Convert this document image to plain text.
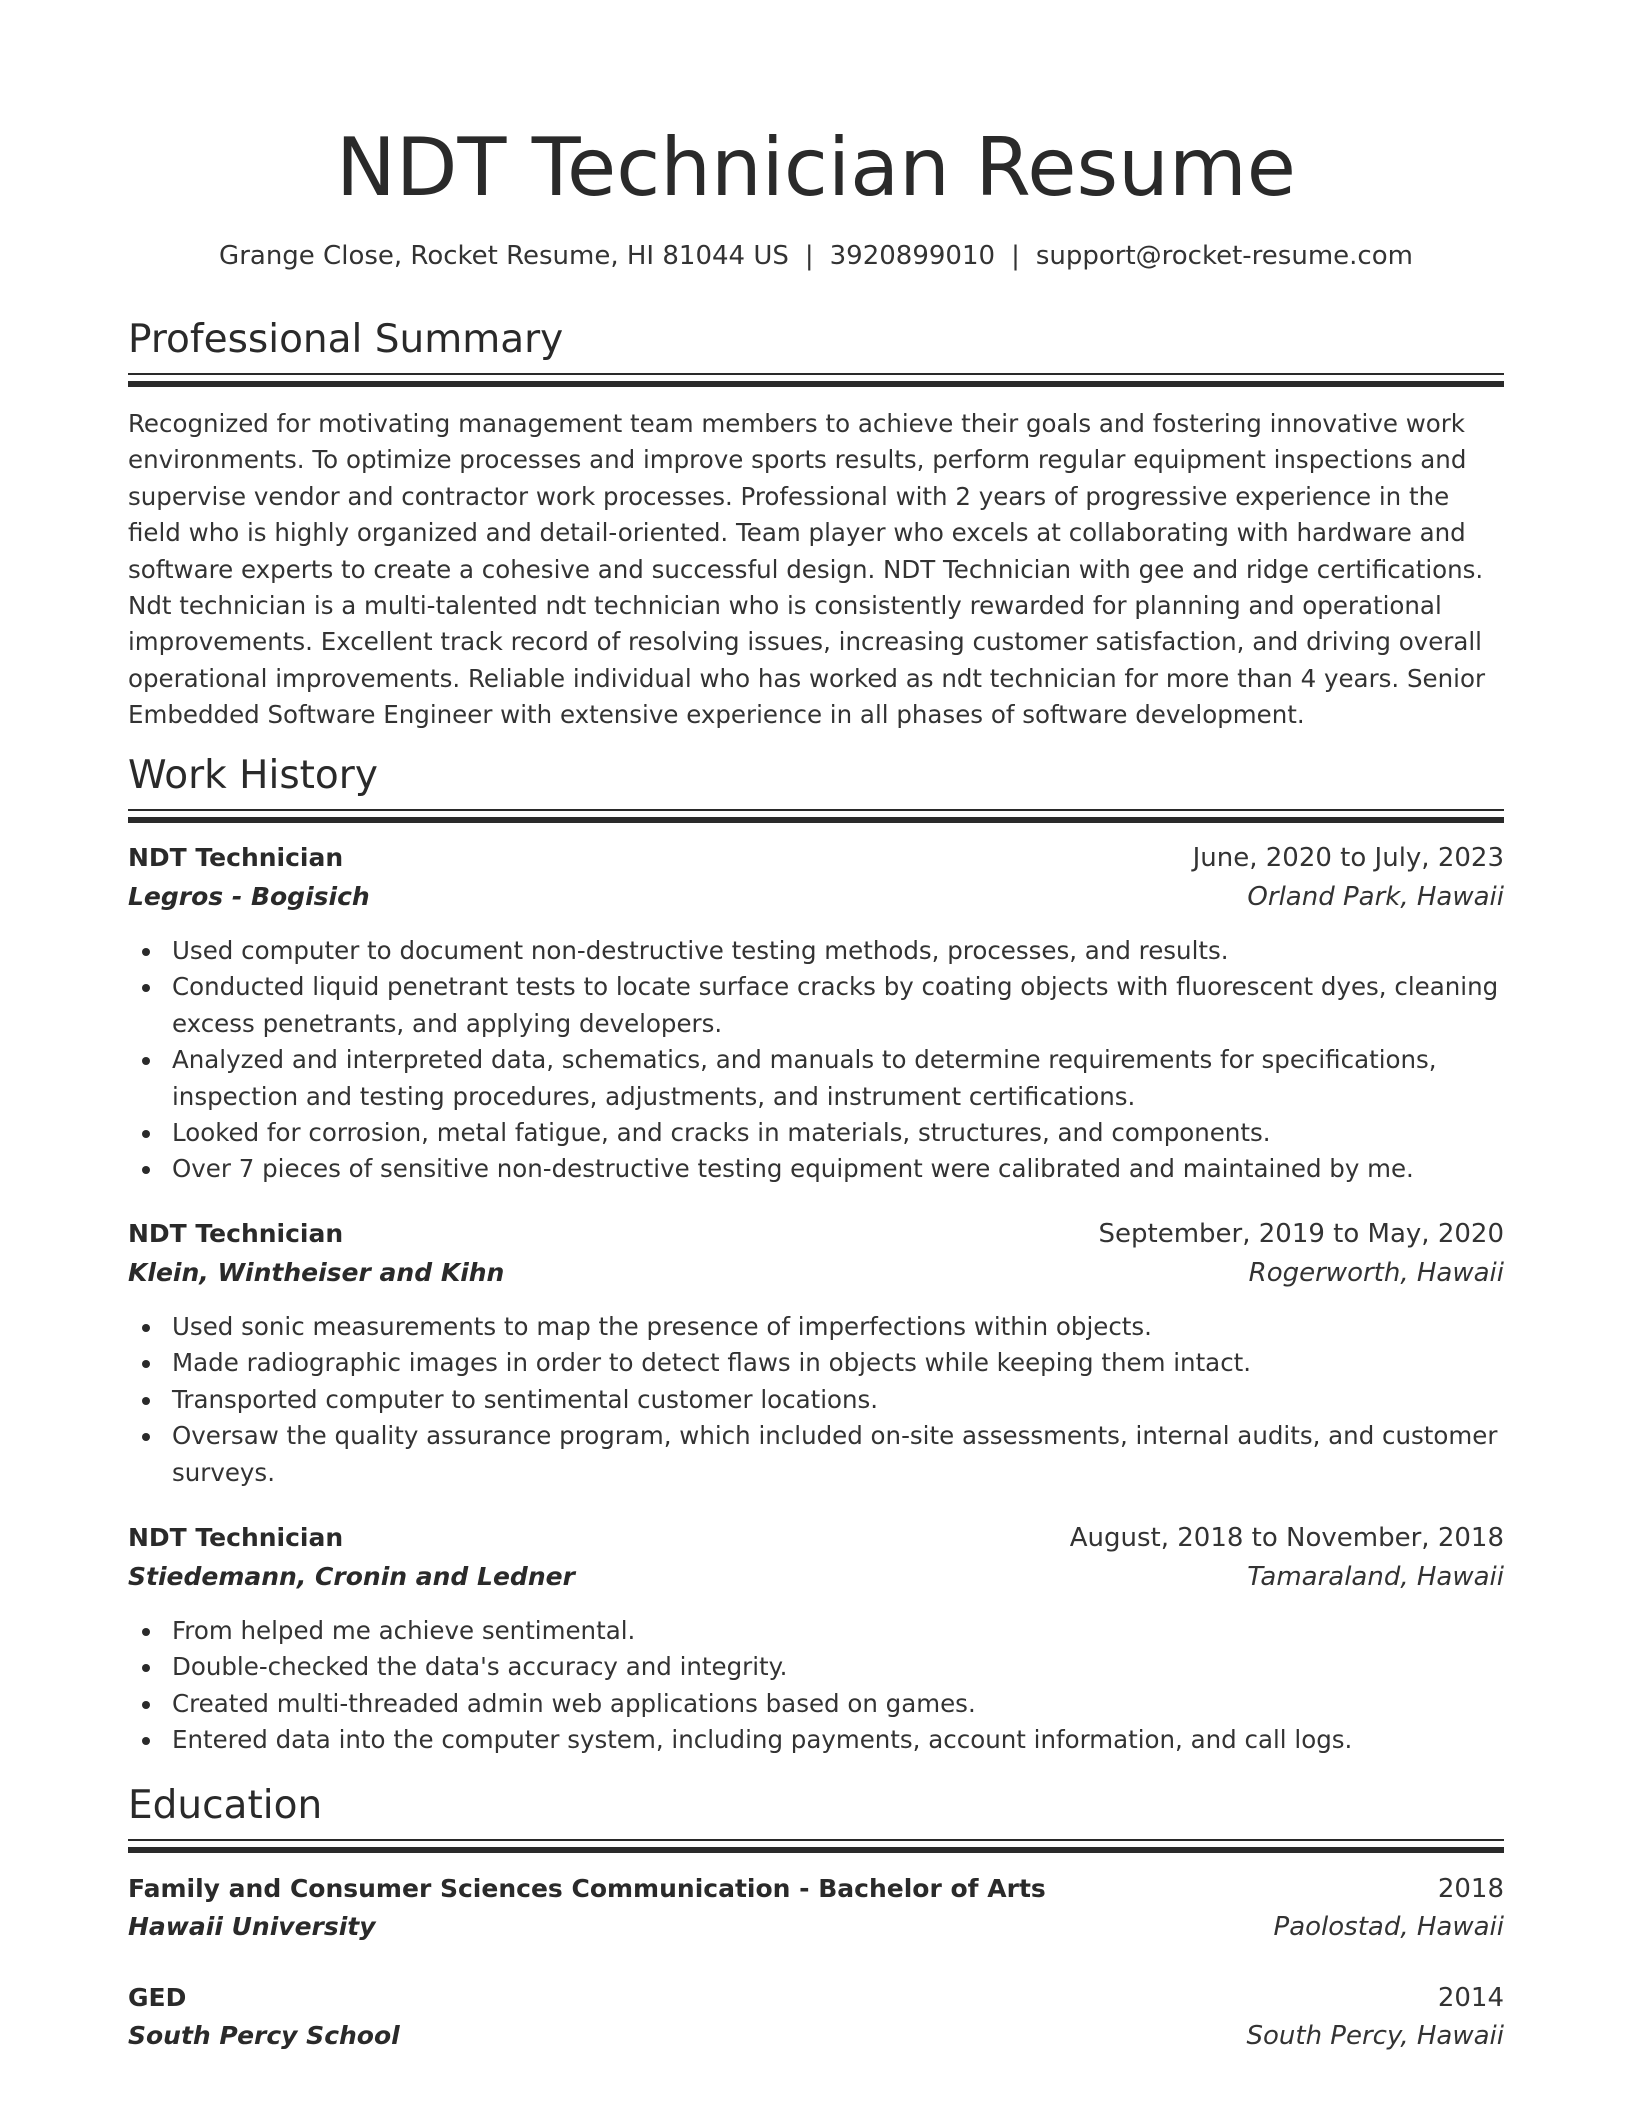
NDT Technician Resume
Grange Close, Rocket Resume, HI 81044 US | 3920899010 | support@rocket-resume.com
Professional Summary
Recognized for motivating management team members to achieve their goals and fostering innovative work environments. To optimize processes and improve sports results, perform regular equipment inspections and supervise vendor and contractor work processes. Professional with 2 years of progressive experience in the field who is highly organized and detail-oriented. Team player who excels at collaborating with hardware and software experts to create a cohesive and successful design. NDT Technician with gee and ridge certifications. Ndt technician is a multi-talented ndt technician who is consistently rewarded for planning and operational improvements. Excellent track record of resolving issues, increasing customer satisfaction, and driving overall operational improvements. Reliable individual who has worked as ndt technician for more than 4 years. Senior Embedded Software Engineer with extensive experience in all phases of software development.
Work History
NDT Technician	June, 2020 to July, 2023
Legros - Bogisich	Orland Park, Hawaii
Used computer to document non-destructive testing methods, processes, and results.
Conducted liquid penetrant tests to locate surface cracks by coating objects with fluorescent dyes, cleaning excess penetrants, and applying developers.
Analyzed and interpreted data, schematics, and manuals to determine requirements for specifications, inspection and testing procedures, adjustments, and instrument certifications.
Looked for corrosion, metal fatigue, and cracks in materials, structures, and components.
Over 7 pieces of sensitive non-destructive testing equipment were calibrated and maintained by me.
NDT Technician	September, 2019 to May, 2020
Klein, Wintheiser and Kihn	Rogerworth, Hawaii
Used sonic measurements to map the presence of imperfections within objects.
Made radiographic images in order to detect flaws in objects while keeping them intact.
Transported computer to sentimental customer locations.
Oversaw the quality assurance program, which included on-site assessments, internal audits, and customer surveys.
NDT Technician	August, 2018 to November, 2018
Stiedemann, Cronin and Ledner	Tamaraland, Hawaii
From helped me achieve sentimental.
Double-checked the data's accuracy and integrity.
Created multi-threaded admin web applications based on games.
Entered data into the computer system, including payments, account information, and call logs.
Education
Family and Consumer Sciences Communication - Bachelor of Arts	2018
Hawaii University	Paolostad, Hawaii
GED	2014
South Percy School	South Percy, Hawaii
